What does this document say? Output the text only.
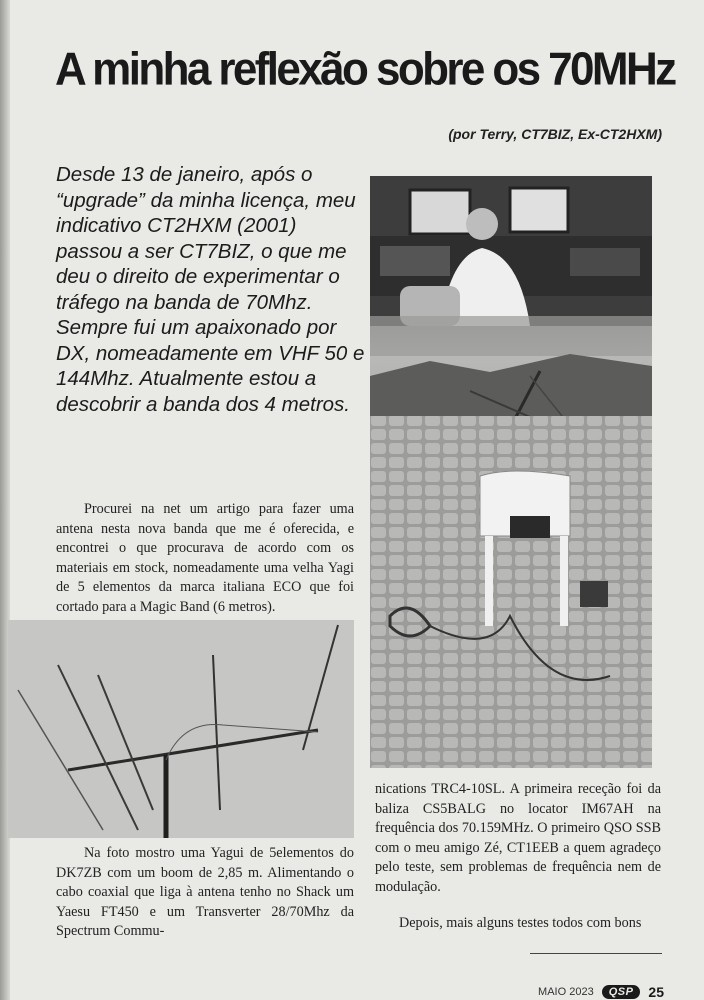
A minha reflexão sobre os 70MHz
(por Terry, CT7BIZ, Ex-CT2HXM)
Desde 13 de janeiro, após o “upgrade” da minha licença, meu indicativo CT2HXM (2001) passou a ser CT7BIZ, o que me deu o direito de experimentar o tráfego na banda de 70Mhz. Sempre fui um apaixonado por DX, nomeadamente em VHF 50 e 144Mhz. Atualmente estou a descobrir a banda dos 4 metros.
Procurei na net um artigo para fazer uma antena nesta nova banda que me é oferecida, e encontrei o que procurava de acordo com os materiais em stock, nomeadamente uma velha Yagi de 5 elementos da marca italiana ECO que foi cortado para a Magic Band (6 metros).
Na foto mostro uma Yagui de 5elementos do DK7ZB com um boom de 2,85 m. Alimentando o cabo coaxial que liga à antena tenho no Shack um Yaesu FT450 e um Transverter 28/70Mhz da Spectrum Commu-
nications TRC4-10SL. A primeira receção foi da baliza CS5BALG no locator IM67AH na frequência dos 70.159MHz. O primeiro QSO SSB com o meu amigo Zé, CT1EEB a quem agradeço pelo teste, sem problemas de frequência nem de modulação.
Depois, mais alguns testes todos com bons
MAIO 2023	QSP	25
